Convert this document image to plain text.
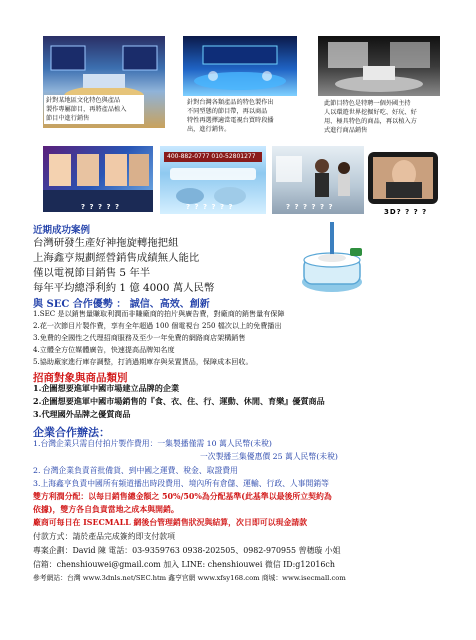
針對某地區文化特色與產品
製作專屬節目，再將產品植入
節目中進行銷售
針對台灣各類產品的特色製作出
不同型態的節目帶，再以商品
特性再選擇適當電視台買時段播
出，進行銷售。
此節目特色是特聘一個外國主持
人以環遊世界挖掘好吃、好玩、好
用、極具特色的商品，再以植入方
式進行商品銷售
? ? ? ? ?
400-882-0777 010-52801277
? ? ? ? ? ?	? ? ? ? ? ?
3D? ? ? ?
近期成功案例
台灣研發生產好神拖旋轉拖把組
上海鑫亨規劃經營銷售成績無人能比
僅以電視節目銷售 5 年半
每年平均總淨利約 1 億 4000 萬人民幣
與 SEC 合作優勢 ： 誠信、高效、創新
1.SEC 是以銷售量賺取利潤而非賺廠商的拍片與廣告費，對廠商的銷售量有保障
2.花一次節目片製作費，享有全年超過 100 個電視台 250 檔次以上的免費播出
3.免費的全國性之代理招商服務及至少一年免費的網路商店架構銷售
4.立體全方位媒體廣告，快速提高品牌知名度
5.協助廠家進行庫存調整，打消過期庫存與呆置貨品，保障成本回收。
招商對象與商品類別
1.企圖想要進軍中國市場建立品牌的企業
2.企圖想要進軍中國市場銷售的『食、衣、住、行、運動、休閒、育樂』優質商品
3.代理國外品牌之優質商品
企業合作辦法：
1.台灣企業只需自付拍片製作費用：一集製播僅需 10 萬人民幣(未稅)
一次製播三集優惠價 25 萬人民幣(未稅)
2. 台灣企業負責首批備貨、到中國之運費、稅金、取證費用
3.上海鑫亨負責中國所有頻道播出時段費用、境內所有倉儲、運輸、行政、人事開銷等
雙方利潤分配：以每日銷售總金額之 50%/50%為分配基準(此基準以最後所立契約為
依據)，雙方各自負責當地之成本與開銷。
廠商可每日在 ISECMALL 網後台管理銷售狀況與結算，次日即可以現金請款
付款方式：請於產品完成簽約即支付款項
專案企劃：David 陳 電話：03-9359763 0938-202505、0982-970955 曾穗璇 小姐
信箱：chenshiouwei@gmail.com 加入 LINE: chenshiouwei 微信 ID:g12016ch
參考網站：台灣 www.3dnls.net/SEC.htm 鑫亨官網 www.xfsy168.com 商城：www.isecmall.com
